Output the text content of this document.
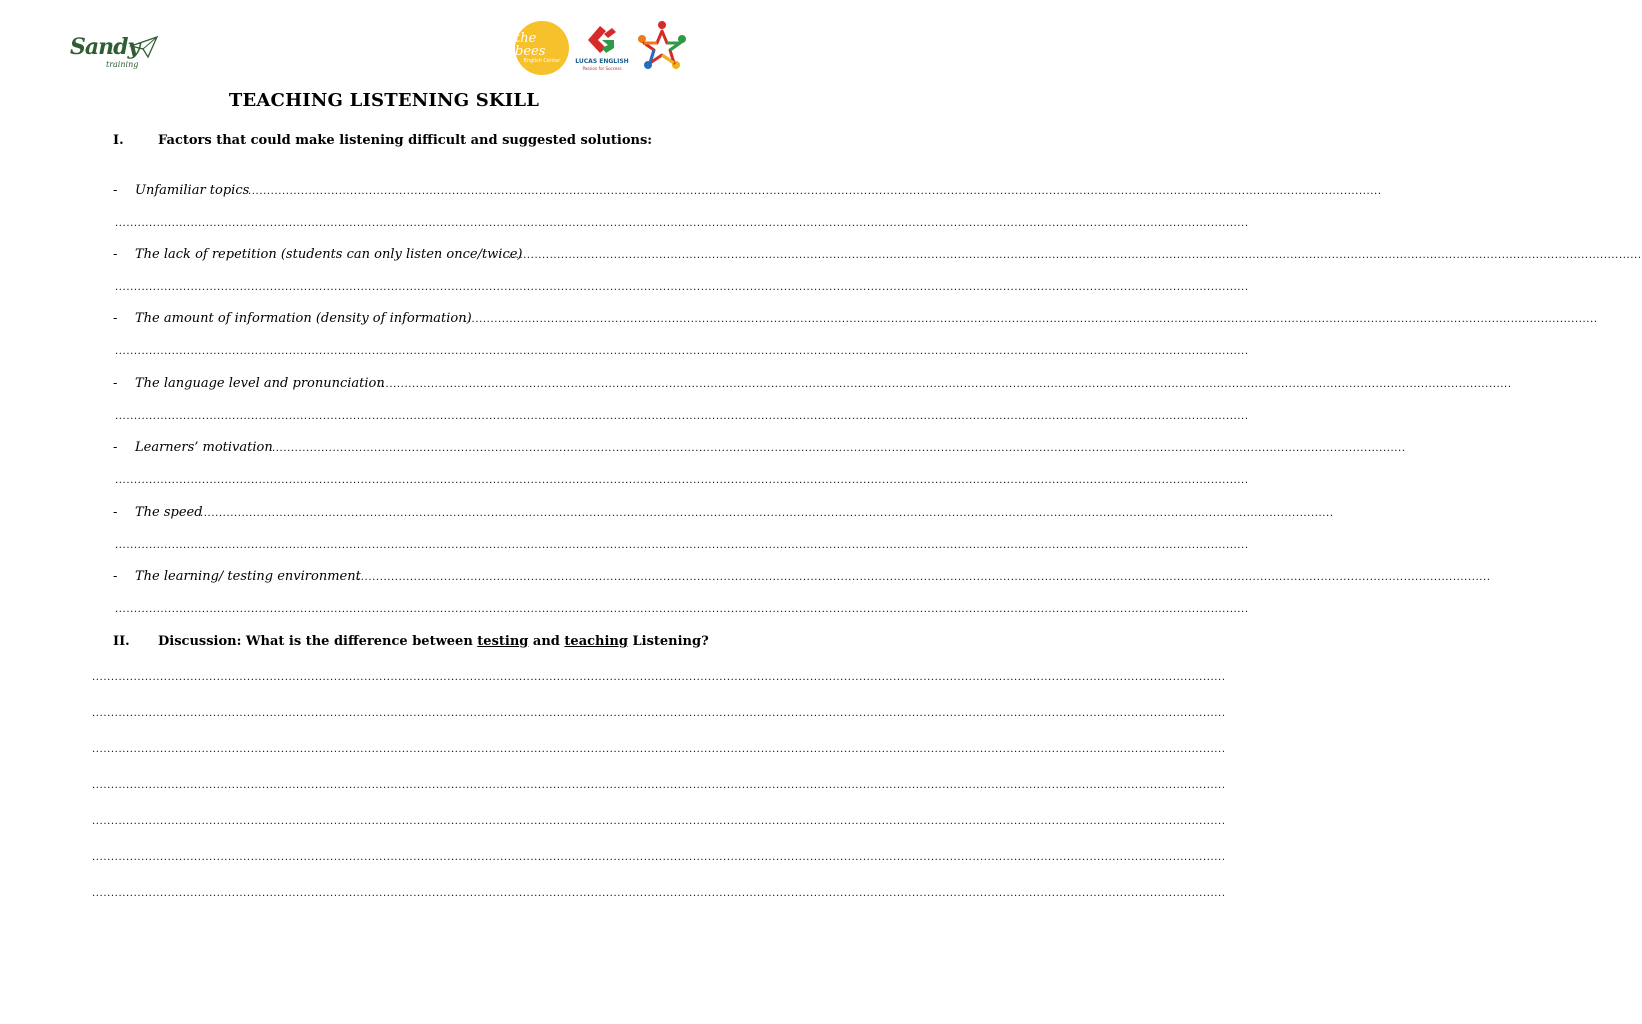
Sandy
training
the bees
English Center	LUCAS ENGLISH
Passion for Success
TEACHING LISTENING SKILL
I.	Factors that could make listening difficult and suggested solutions:
- Unfamiliar topics
............................................................................................................................................................................................................................................................................................................
............................................................................................................................................................................................................................................................................................................
- The lack of repetition (students can only listen once/twice)
............................................................................................................................................................................................................................................................................................................
............................................................................................................................................................................................................................................................................................................
- The amount of information (density of information)
............................................................................................................................................................................................................................................................................................................
............................................................................................................................................................................................................................................................................................................
- The language level and pronunciation
............................................................................................................................................................................................................................................................................................................
............................................................................................................................................................................................................................................................................................................
- Learners’ motivation ............................................................................................................................................................................................................................................................................................................
............................................................................................................................................................................................................................................................................................................
- The speed
............................................................................................................................................................................................................................................................................................................
............................................................................................................................................................................................................................................................................................................
- The learning/ testing environment
............................................................................................................................................................................................................................................................................................................
............................................................................................................................................................................................................................................................................................................
II. Discussion: What is the difference between testing and teaching Listening?
............................................................................................................................................................................................................................................................................................................
............................................................................................................................................................................................................................................................................................................
............................................................................................................................................................................................................................................................................................................
............................................................................................................................................................................................................................................................................................................
............................................................................................................................................................................................................................................................................................................
............................................................................................................................................................................................................................................................................................................
............................................................................................................................................................................................................................................................................................................
